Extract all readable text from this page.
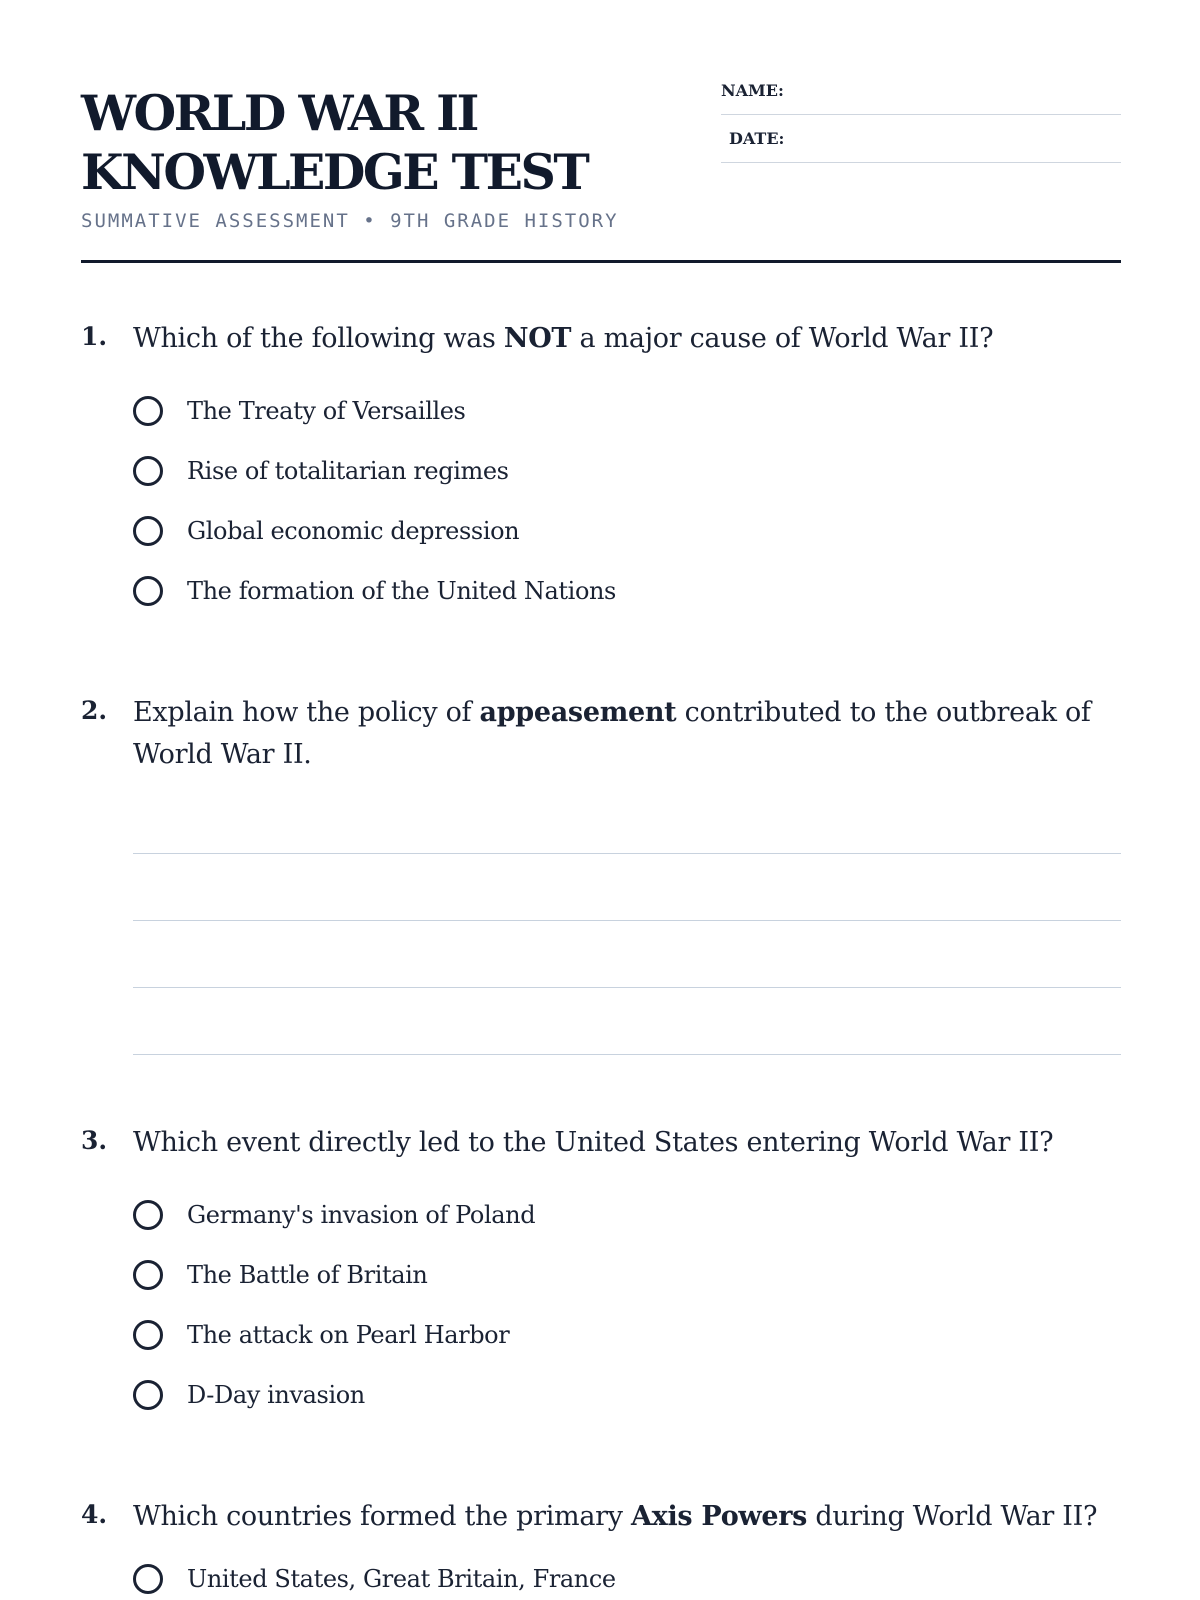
WORLD WAR II
KNOWLEDGE TEST
SUMMATIVE ASSESSMENT • 9TH GRADE HISTORY
NAME:
DATE:
1. Which of the following was NOT a major cause of World War II?
The Treaty of Versailles
Rise of totalitarian regimes
Global economic depression
The formation of the United Nations
2. Explain how the policy of appeasement contributed to the outbreak of World War II.
3. Which event directly led to the United States entering World War II?
Germany's invasion of Poland
The Battle of Britain
The attack on Pearl Harbor
D-Day invasion
4. Which countries formed the primary Axis Powers during World War II?
United States, Great Britain, France
